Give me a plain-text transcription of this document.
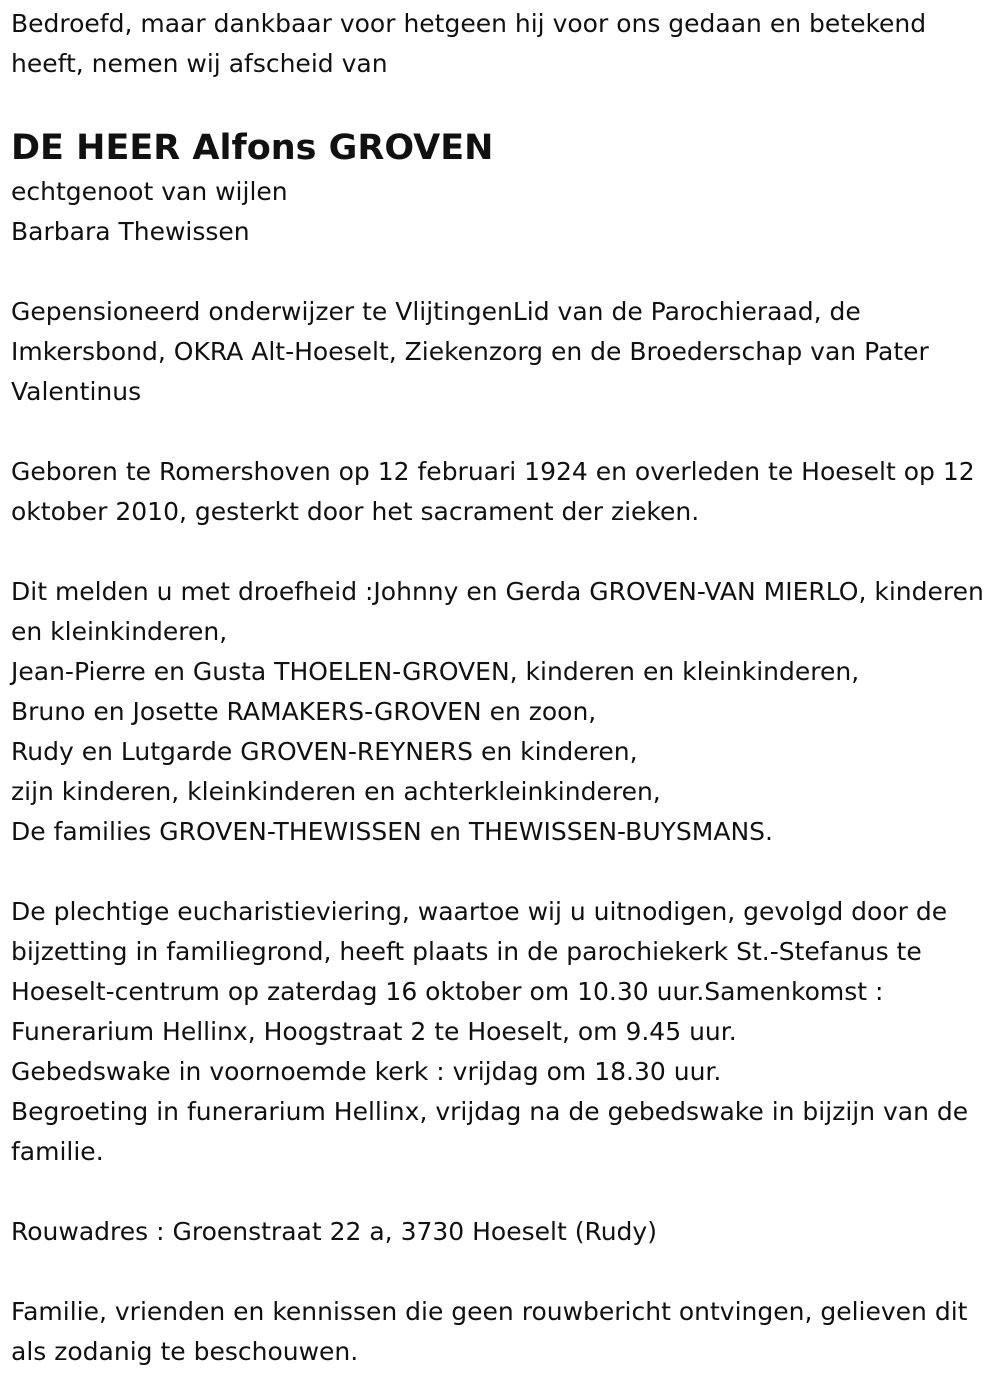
Bedroefd, maar dankbaar voor hetgeen hij voor ons gedaan en betekend heeft, nemen wij afscheid van

DE HEER Alfons GROVEN
echtgenoot van wijlen
Barbara Thewissen

Gepensioneerd onderwijzer te VlijtingenLid van de Parochieraad, de Imkersbond, OKRA Alt-Hoeselt, Ziekenzorg en de Broederschap van Pater Valentinus

Geboren te Romershoven op 12 februari 1924 en overleden te Hoeselt op 12 oktober 2010, gesterkt door het sacrament der zieken.

Dit melden u met droefheid :Johnny en Gerda GROVEN-VAN MIERLO, kinderen en kleinkinderen,
Jean-Pierre en Gusta THOELEN-GROVEN, kinderen en kleinkinderen,
Bruno en Josette RAMAKERS-GROVEN en zoon,
Rudy en Lutgarde GROVEN-REYNERS en kinderen,
zijn kinderen, kleinkinderen en achterkleinkinderen,
De families GROVEN-THEWISSEN en THEWISSEN-BUYSMANS.
De plechtige eucharistieviering, waartoe wij u uitnodigen, gevolgd door de bijzetting in familiegrond, heeft plaats in de parochiekerk St.-Stefanus te Hoeselt-centrum op zaterdag 16 oktober om 10.30 uur.Samenkomst : Funerarium Hellinx, Hoogstraat 2 te Hoeselt, om 9.45 uur.
Gebedswake in voornoemde kerk : vrijdag om 18.30 uur.
Begroeting in funerarium Hellinx, vrijdag na de gebedswake in bijzijn van de familie.

Rouwadres : Groenstraat 22 a, 3730 Hoeselt (Rudy)

Familie, vrienden en kennissen die geen rouwbericht ontvingen, gelieven dit als zodanig te beschouwen.
